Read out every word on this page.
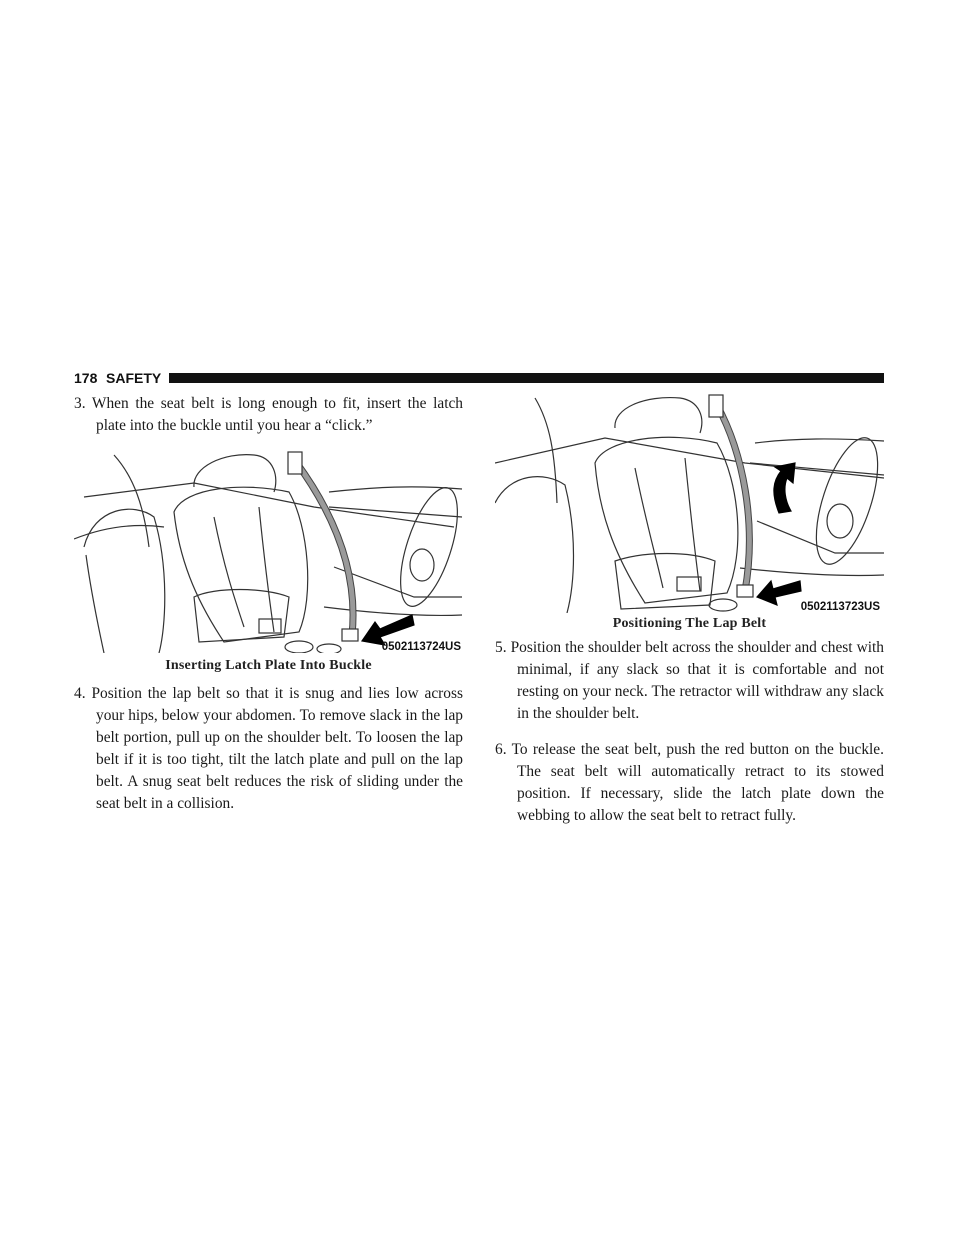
178 SAFETY

3. When the seat belt is long enough to fit, insert the latch plate into the buckle until you hear a “click.”

0502113724US
Inserting Latch Plate Into Buckle

4. Position the lap belt so that it is snug and lies low across your hips, below your abdomen. To remove slack in the lap belt portion, pull up on the shoulder belt. To loosen the lap belt if it is too tight, tilt the latch plate and pull on the lap belt. A snug seat belt reduces the risk of sliding under the seat belt in a collision.

0502113723US
Positioning The Lap Belt

5. Position the shoulder belt across the shoulder and chest with minimal, if any slack so that it is comfortable and not resting on your neck. The retractor will withdraw any slack in the shoulder belt.

6. To release the seat belt, push the red button on the buckle. The seat belt will automatically retract to its stowed position. If necessary, slide the latch plate down the webbing to allow the seat belt to retract fully.
